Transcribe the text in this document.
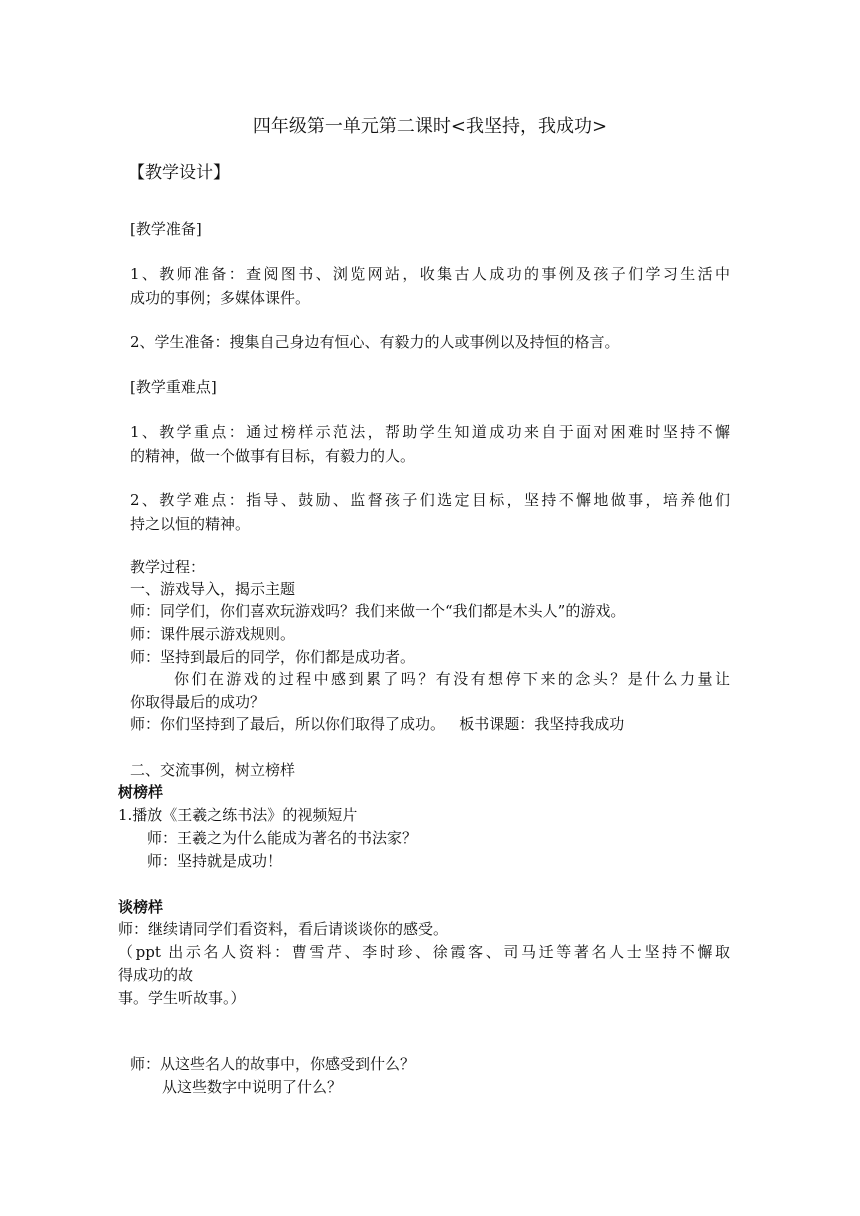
四年级第一单元第二课时<我坚持，我成功>
【教学设计】
[教学准备]
1、教师准备：查阅图书、浏览网站，收集古人成功的事例及孩子们学习生活中
成功的事例；多媒体课件。
2、学生准备：搜集自己身边有恒心、有毅力的人或事例以及持恒的格言。
[教学重难点]
1、教学重点：通过榜样示范法，帮助学生知道成功来自于面对困难时坚持不懈
的精神，做一个做事有目标，有毅力的人。
2、教学难点：指导、鼓励、监督孩子们选定目标，坚持不懈地做事，培养他们
持之以恒的精神。
教学过程：
一、游戏导入，揭示主题
师：同学们，你们喜欢玩游戏吗？我们来做一个“我们都是木头人”的游戏。
师：课件展示游戏规则。
师：坚持到最后的同学，你们都是成功者。
你们在游戏的过程中感到累了吗？有没有想停下来的念头？是什么力量让
你取得最后的成功？
师：你们坚持到了最后，所以你们取得了成功。   板书课题：我坚持我成功
二、交流事例，树立榜样
树榜样
1.播放《王羲之练书法》的视频短片
师：王羲之为什么能成为著名的书法家？
师：坚持就是成功！
谈榜样
师：继续请同学们看资料，看后请谈谈你的感受。
（ppt 出示名人资料：曹雪芹、李时珍、徐霞客、司马迁等著名人士坚持不懈取
得成功的故
事。学生听故事。）
师：从这些名人的故事中，你感受到什么？
从这些数字中说明了什么？
